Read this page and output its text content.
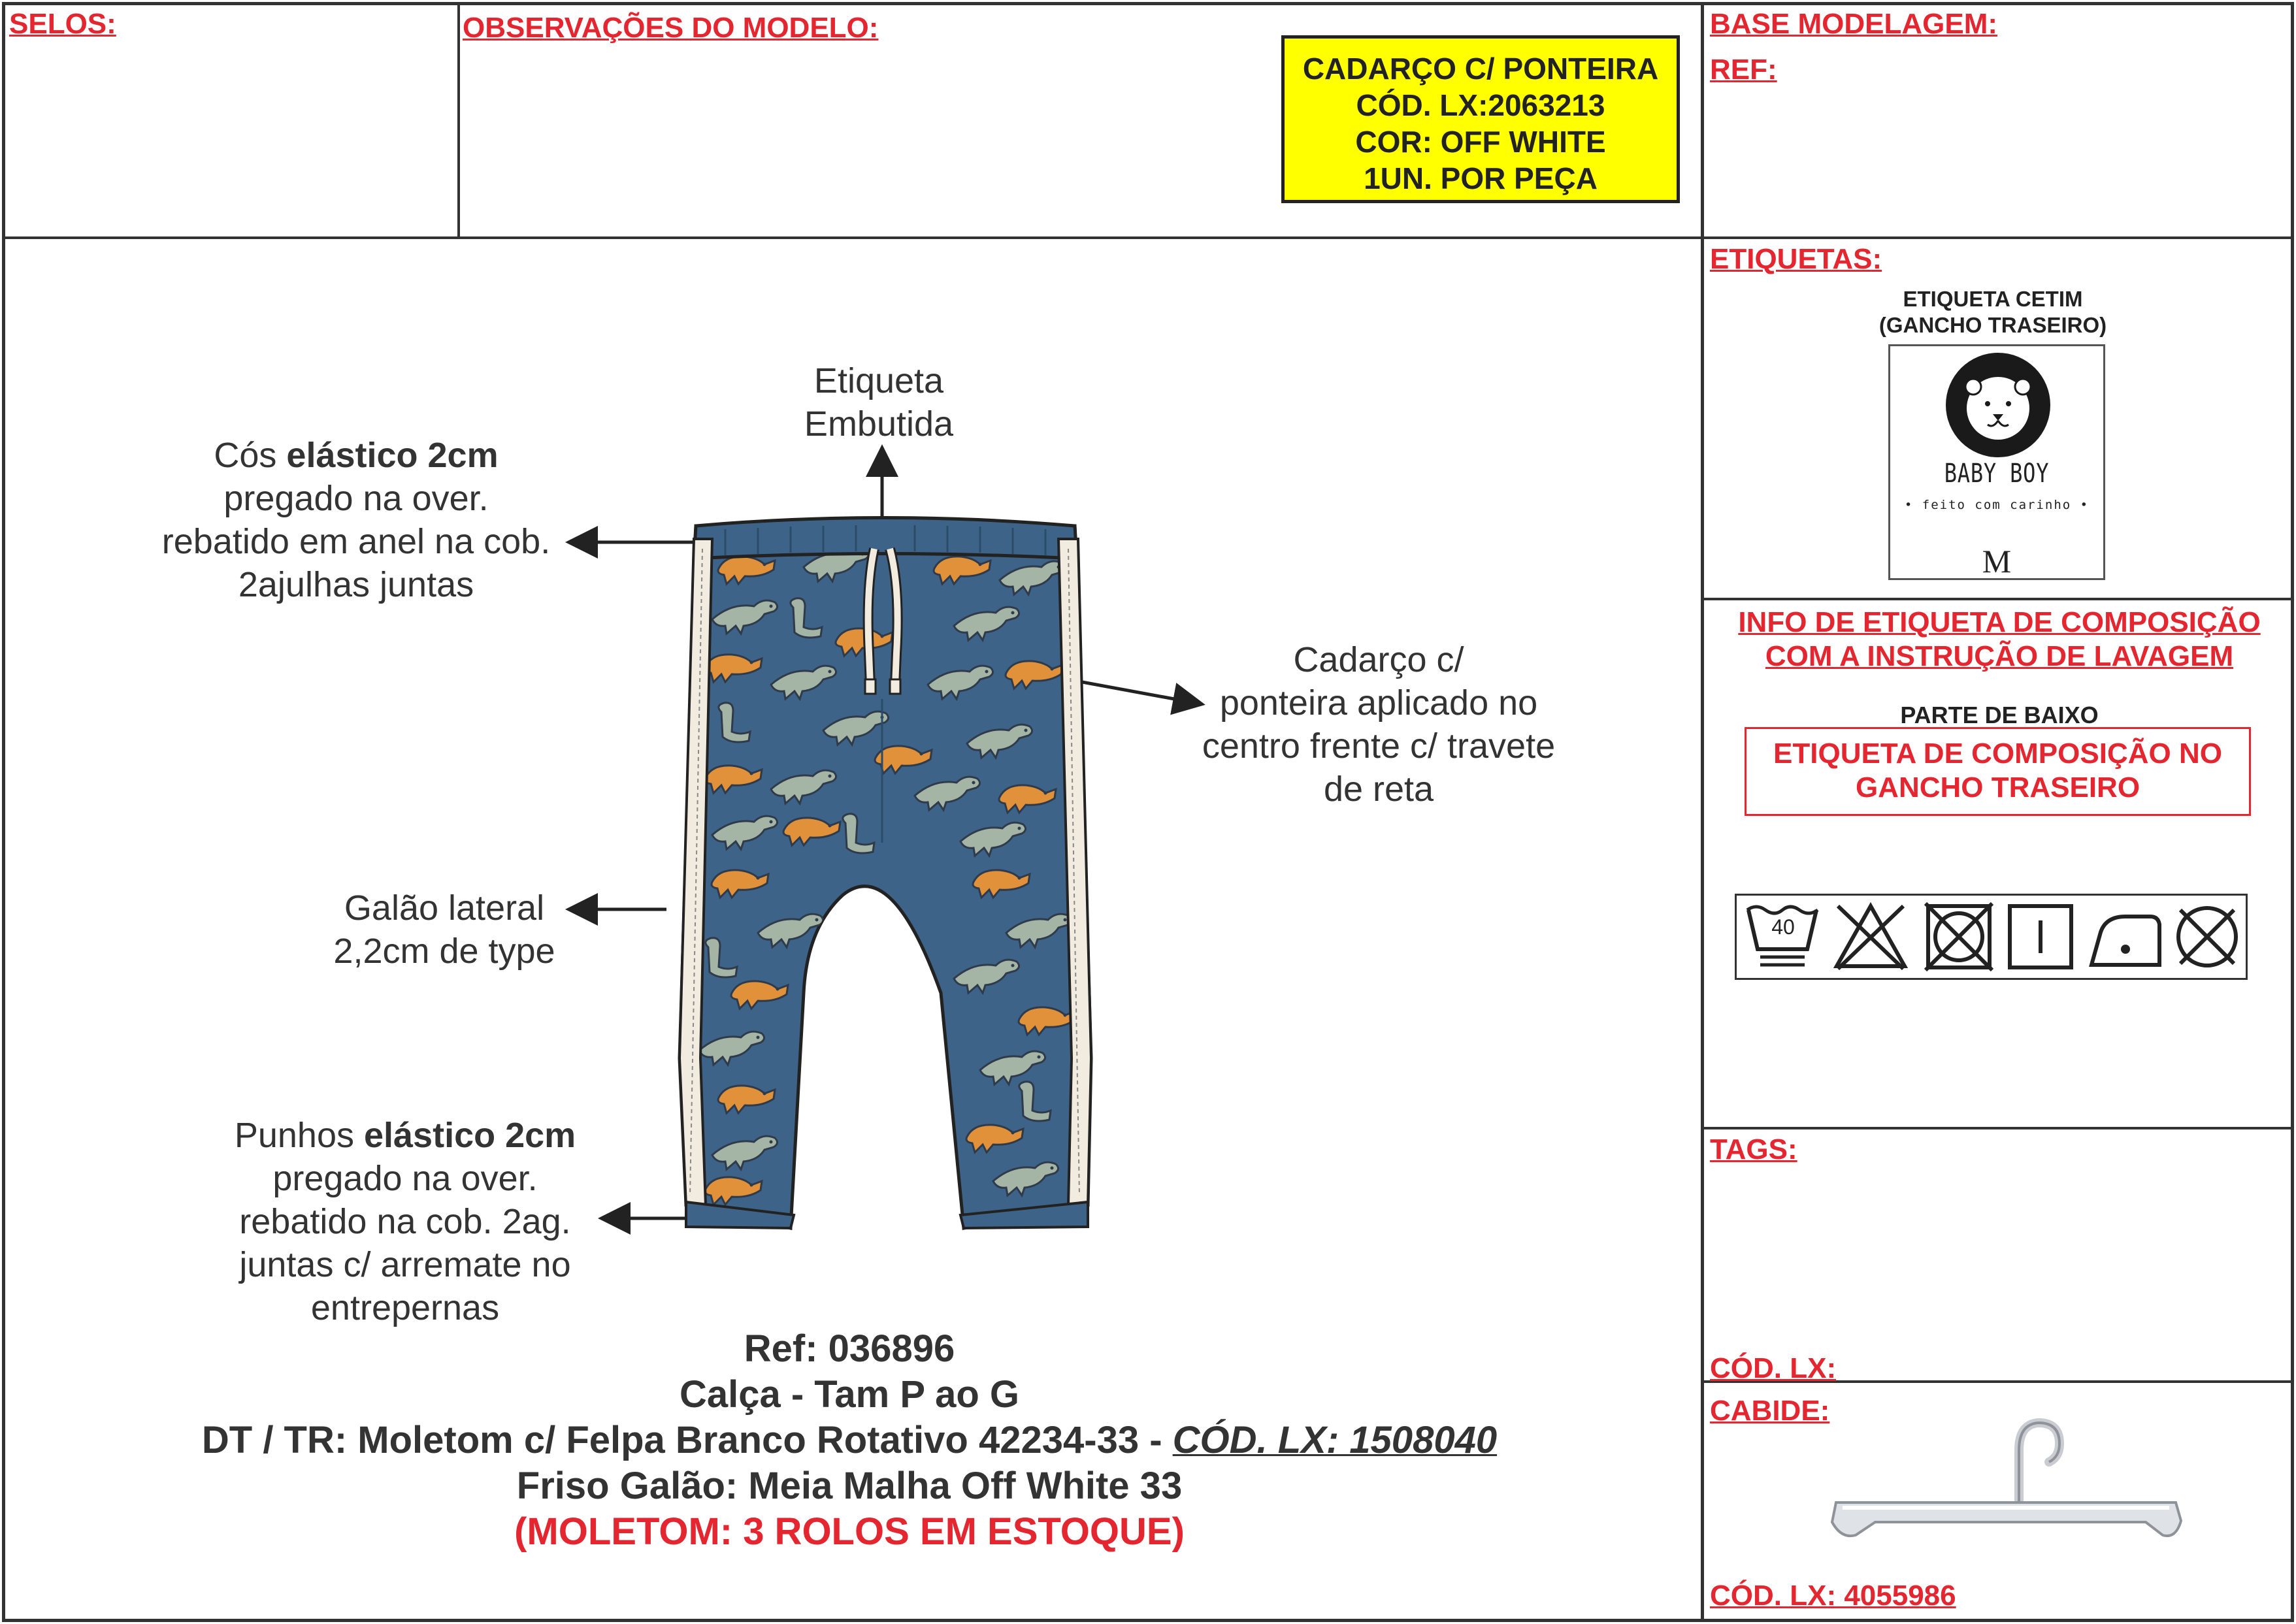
SELOS:	OBSERVAÇÕES DO MODELO:
CADARÇO C/ PONTEIRA
CÓD. LX:2063213
COR: OFF WHITE
1UN. POR PEÇA
BASE MODELAGEM:
REF:
Etiqueta
Embutida
Cós elástico 2cm
pregado na over.
rebatido em anel na cob.
2ajulhas juntas
Cadarço c/
ponteira aplicado no
centro frente c/ travete
de reta
Galão lateral
2,2cm de type
Punhos elástico 2cm
pregado na over.
rebatido na cob. 2ag.
juntas c/ arremate no
entrepernas
Ref: 036896
Calça - Tam P ao G
DT / TR: Moletom c/ Felpa Branco Rotativo 42234-33 - CÓD. LX: 1508040
Friso Galão: Meia Malha Off White 33
(MOLETOM: 3 ROLOS EM ESTOQUE)
ETIQUETAS:
ETIQUETA CETIM
(GANCHO TRASEIRO)
BABY BOY
• feito com carinho •
M
INFO DE ETIQUETA DE COMPOSIÇÃO
COM A INSTRUÇÃO DE LAVAGEM
PARTE DE BAIXO
ETIQUETA DE COMPOSIÇÃO NO
GANCHO TRASEIRO
40
TAGS:
CÓD. LX:
CABIDE:
CÓD. LX: 4055986
